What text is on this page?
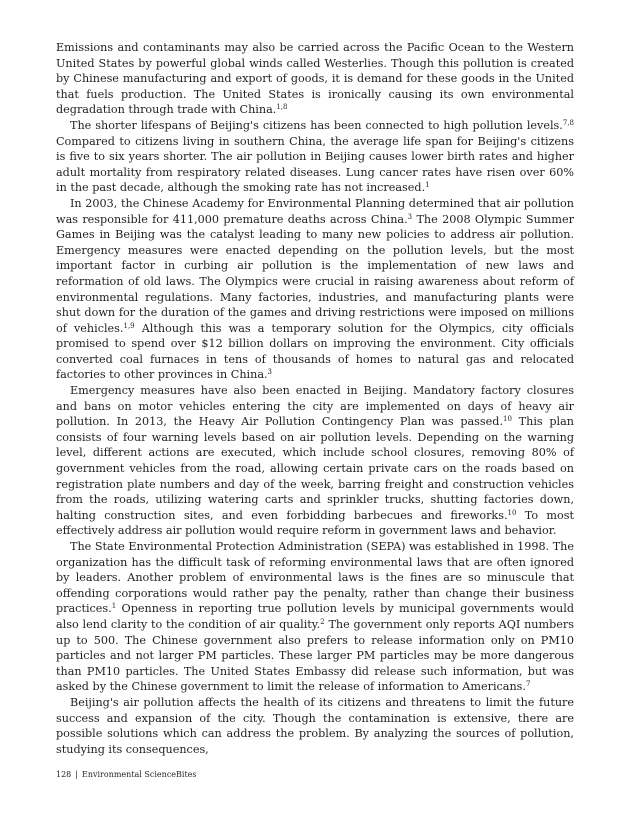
Emissions and contaminants may also be carried across the Pacific Ocean to the Western United States by powerful global winds called Westerlies. Though this pollution is created by Chinese manufacturing and export of goods, it is demand for these goods in the United that fuels production. The United States is ironically causing its own environmental degradation through trade with China.$^{1,8}$

The shorter lifespans of Beijing's citizens has been connected to high pollution levels.$^{7,8}$ Compared to citizens living in southern China, the average life span for Beijing's citizens is five to six years shorter. The air pollution in Beijing causes lower birth rates and higher adult mortality from respiratory related diseases. Lung cancer rates have risen over 60% in the past decade, although the smoking rate has not increased.$^1$

In 2003, the Chinese Academy for Environmental Planning determined that air pollution was responsible for 411,000 premature deaths across China.$^3$ The 2008 Olympic Summer Games in Beijing was the catalyst leading to many new policies to address air pollution. Emergency measures were enacted depending on the pollution levels, but the most important factor in curbing air pollution is the implementation of new laws and reformation of old laws. The Olympics were crucial in raising awareness about reform of environmental regulations. Many factories, industries, and manufacturing plants were shut down for the duration of the games and driving restrictions were imposed on millions of vehicles.$^{1,9}$ Although this was a temporary solution for the Olympics, city officials promised to spend over $12 billion dollars on improving the environment. City officials converted coal furnaces in tens of thousands of homes to natural gas and relocated factories to other provinces in China.$^3$

Emergency measures have also been enacted in Beijing. Mandatory factory closures and bans on motor vehicles entering the city are implemented on days of heavy air pollution. In 2013, the Heavy Air Pollution Contingency Plan was passed.$^{10}$ This plan consists of four warning levels based on air pollution levels. Depending on the warning level, different actions are executed, which include school closures, removing 80% of government vehicles from the road, allowing certain private cars on the roads based on registration plate numbers and day of the week, barring freight and construction vehicles from the roads, utilizing watering carts and sprinkler trucks, shutting factories down, halting construction sites, and even forbidding barbecues and fireworks.$^{10}$ To most effectively address air pollution would require reform in government laws and behavior.

The State Environmental Protection Administration (SEPA) was established in 1998. The organization has the difficult task of reforming environmental laws that are often ignored by leaders. Another problem of environmental laws is the fines are so minuscule that offending corporations would rather pay the penalty, rather than change their business practices.$^1$ Openness in reporting true pollution levels by municipal governments would also lend clarity to the condition of air quality.$^2$ The government only reports AQI numbers up to 500. The Chinese government also prefers to release information only on PM10 particles and not larger PM particles. These larger PM particles may be more dangerous than PM10 particles. The United States Embassy did release such information, but was asked by the Chinese government to limit the release of information to Americans.$^7$

Beijing's air pollution affects the health of its citizens and threatens to limit the future success and expansion of the city. Though the contamination is extensive, there are possible solutions which can address the problem. By analyzing the sources of pollution, studying its consequences,

128 | Environmental ScienceBites
